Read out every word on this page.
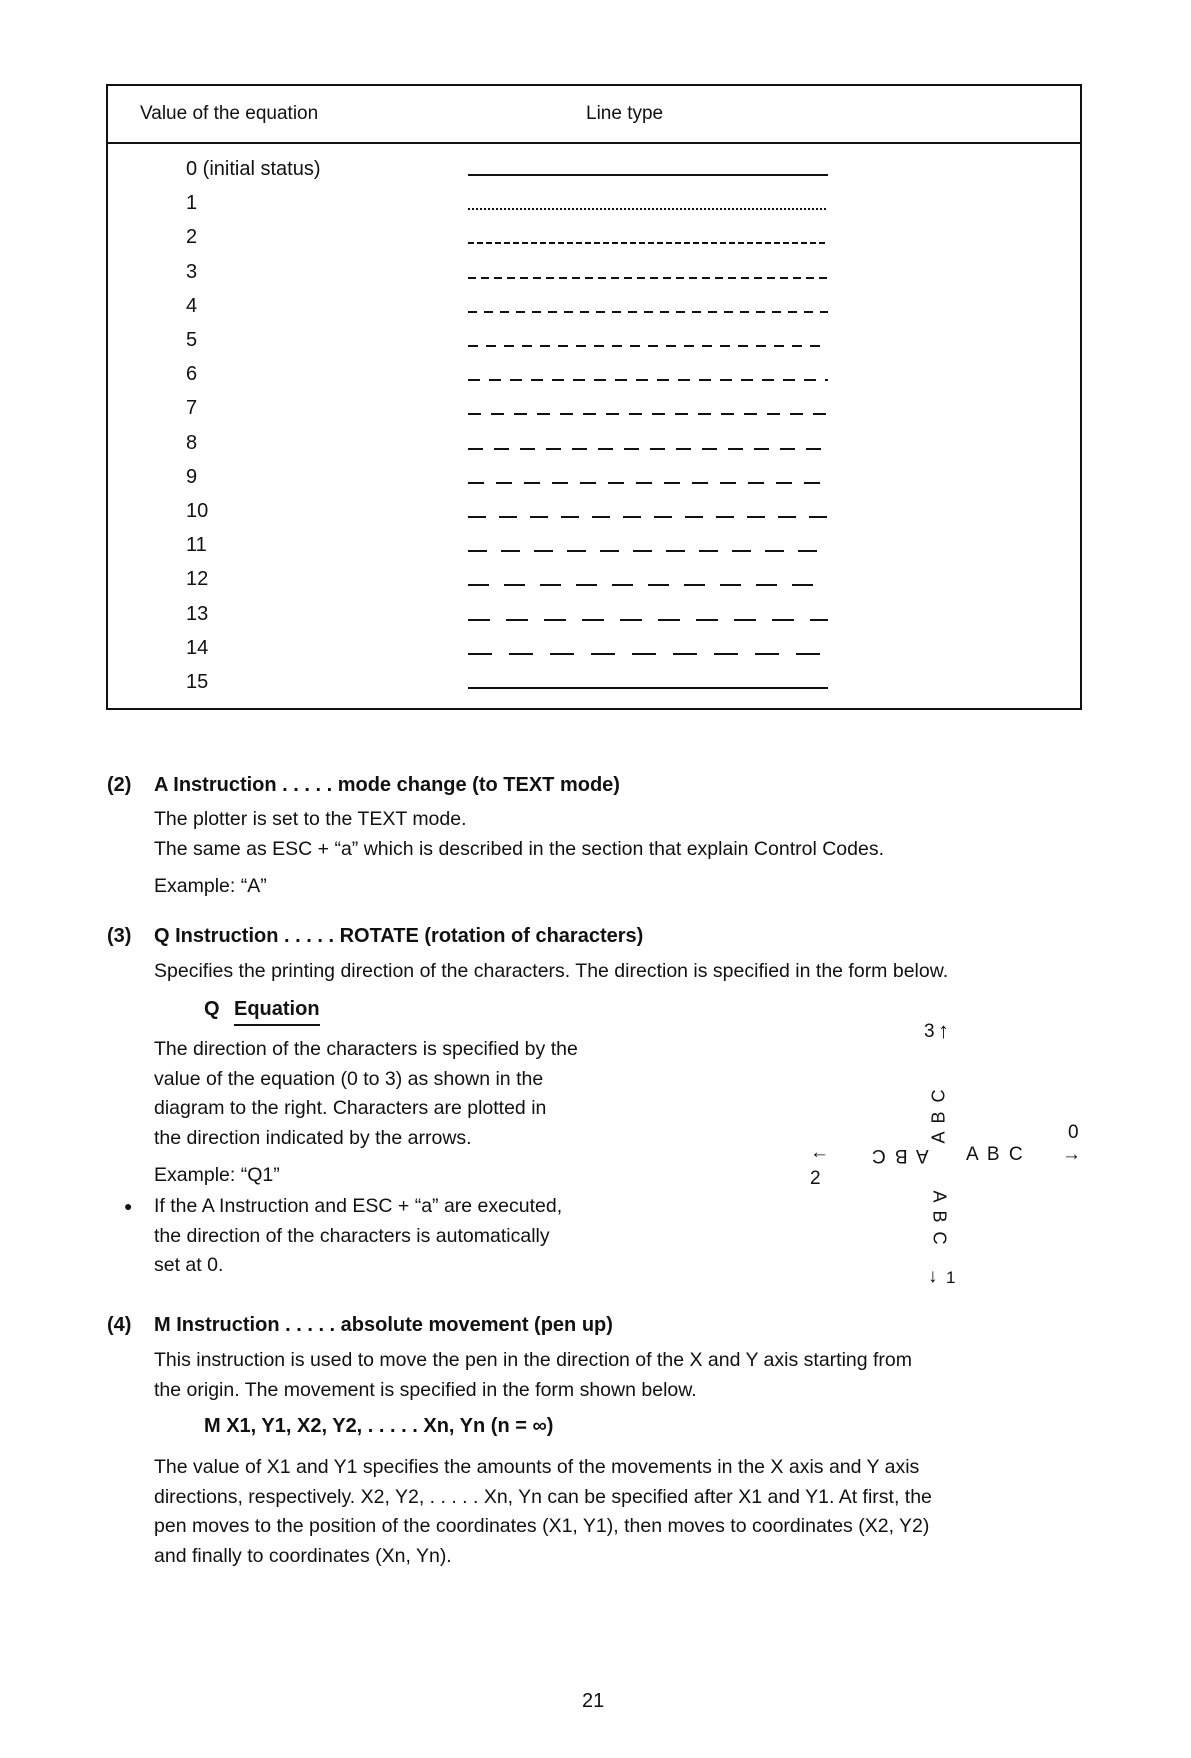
Value of the equation	Line type
0 (initial status)
1
2
3
4
5
6
7
8
9
10
11
12
13
14
15
(2) A Instruction . . . . . mode change (to TEXT mode)
The plotter is set to the TEXT mode.
The same as ESC + “a” which is described in the section that explain Control Codes.
Example: “A”
(3) Q Instruction . . . . . ROTATE (rotation of characters)
Specifies the printing direction of the characters. The direction is specified in the form below.
Q Equation
The direction of the characters is specified by the
value of the equation (0 to 3) as shown in the
diagram to the right. Characters are plotted in
the direction indicated by the arrows.
Example: “Q1”
● If the A Instruction and ESC + “a” are executed,
the direction of the characters is automatically
set at 0.
3 ↑
A B C
A B C
0
→
←
2
A B C
A B C
↓ 1
(4) M Instruction . . . . . absolute movement (pen up)
This instruction is used to move the pen in the direction of the X and Y axis starting from
the origin. The movement is specified in the form shown below.
M X1, Y1, X2, Y2, . . . . . Xn, Yn (n = ∞)
The value of X1 and Y1 specifies the amounts of the movements in the X axis and Y axis
directions, respectively. X2, Y2, . . . . . Xn, Yn can be specified after X1 and Y1. At first, the
pen moves to the position of the coordinates (X1, Y1), then moves to coordinates (X2, Y2)
and finally to coordinates (Xn, Yn).
21
